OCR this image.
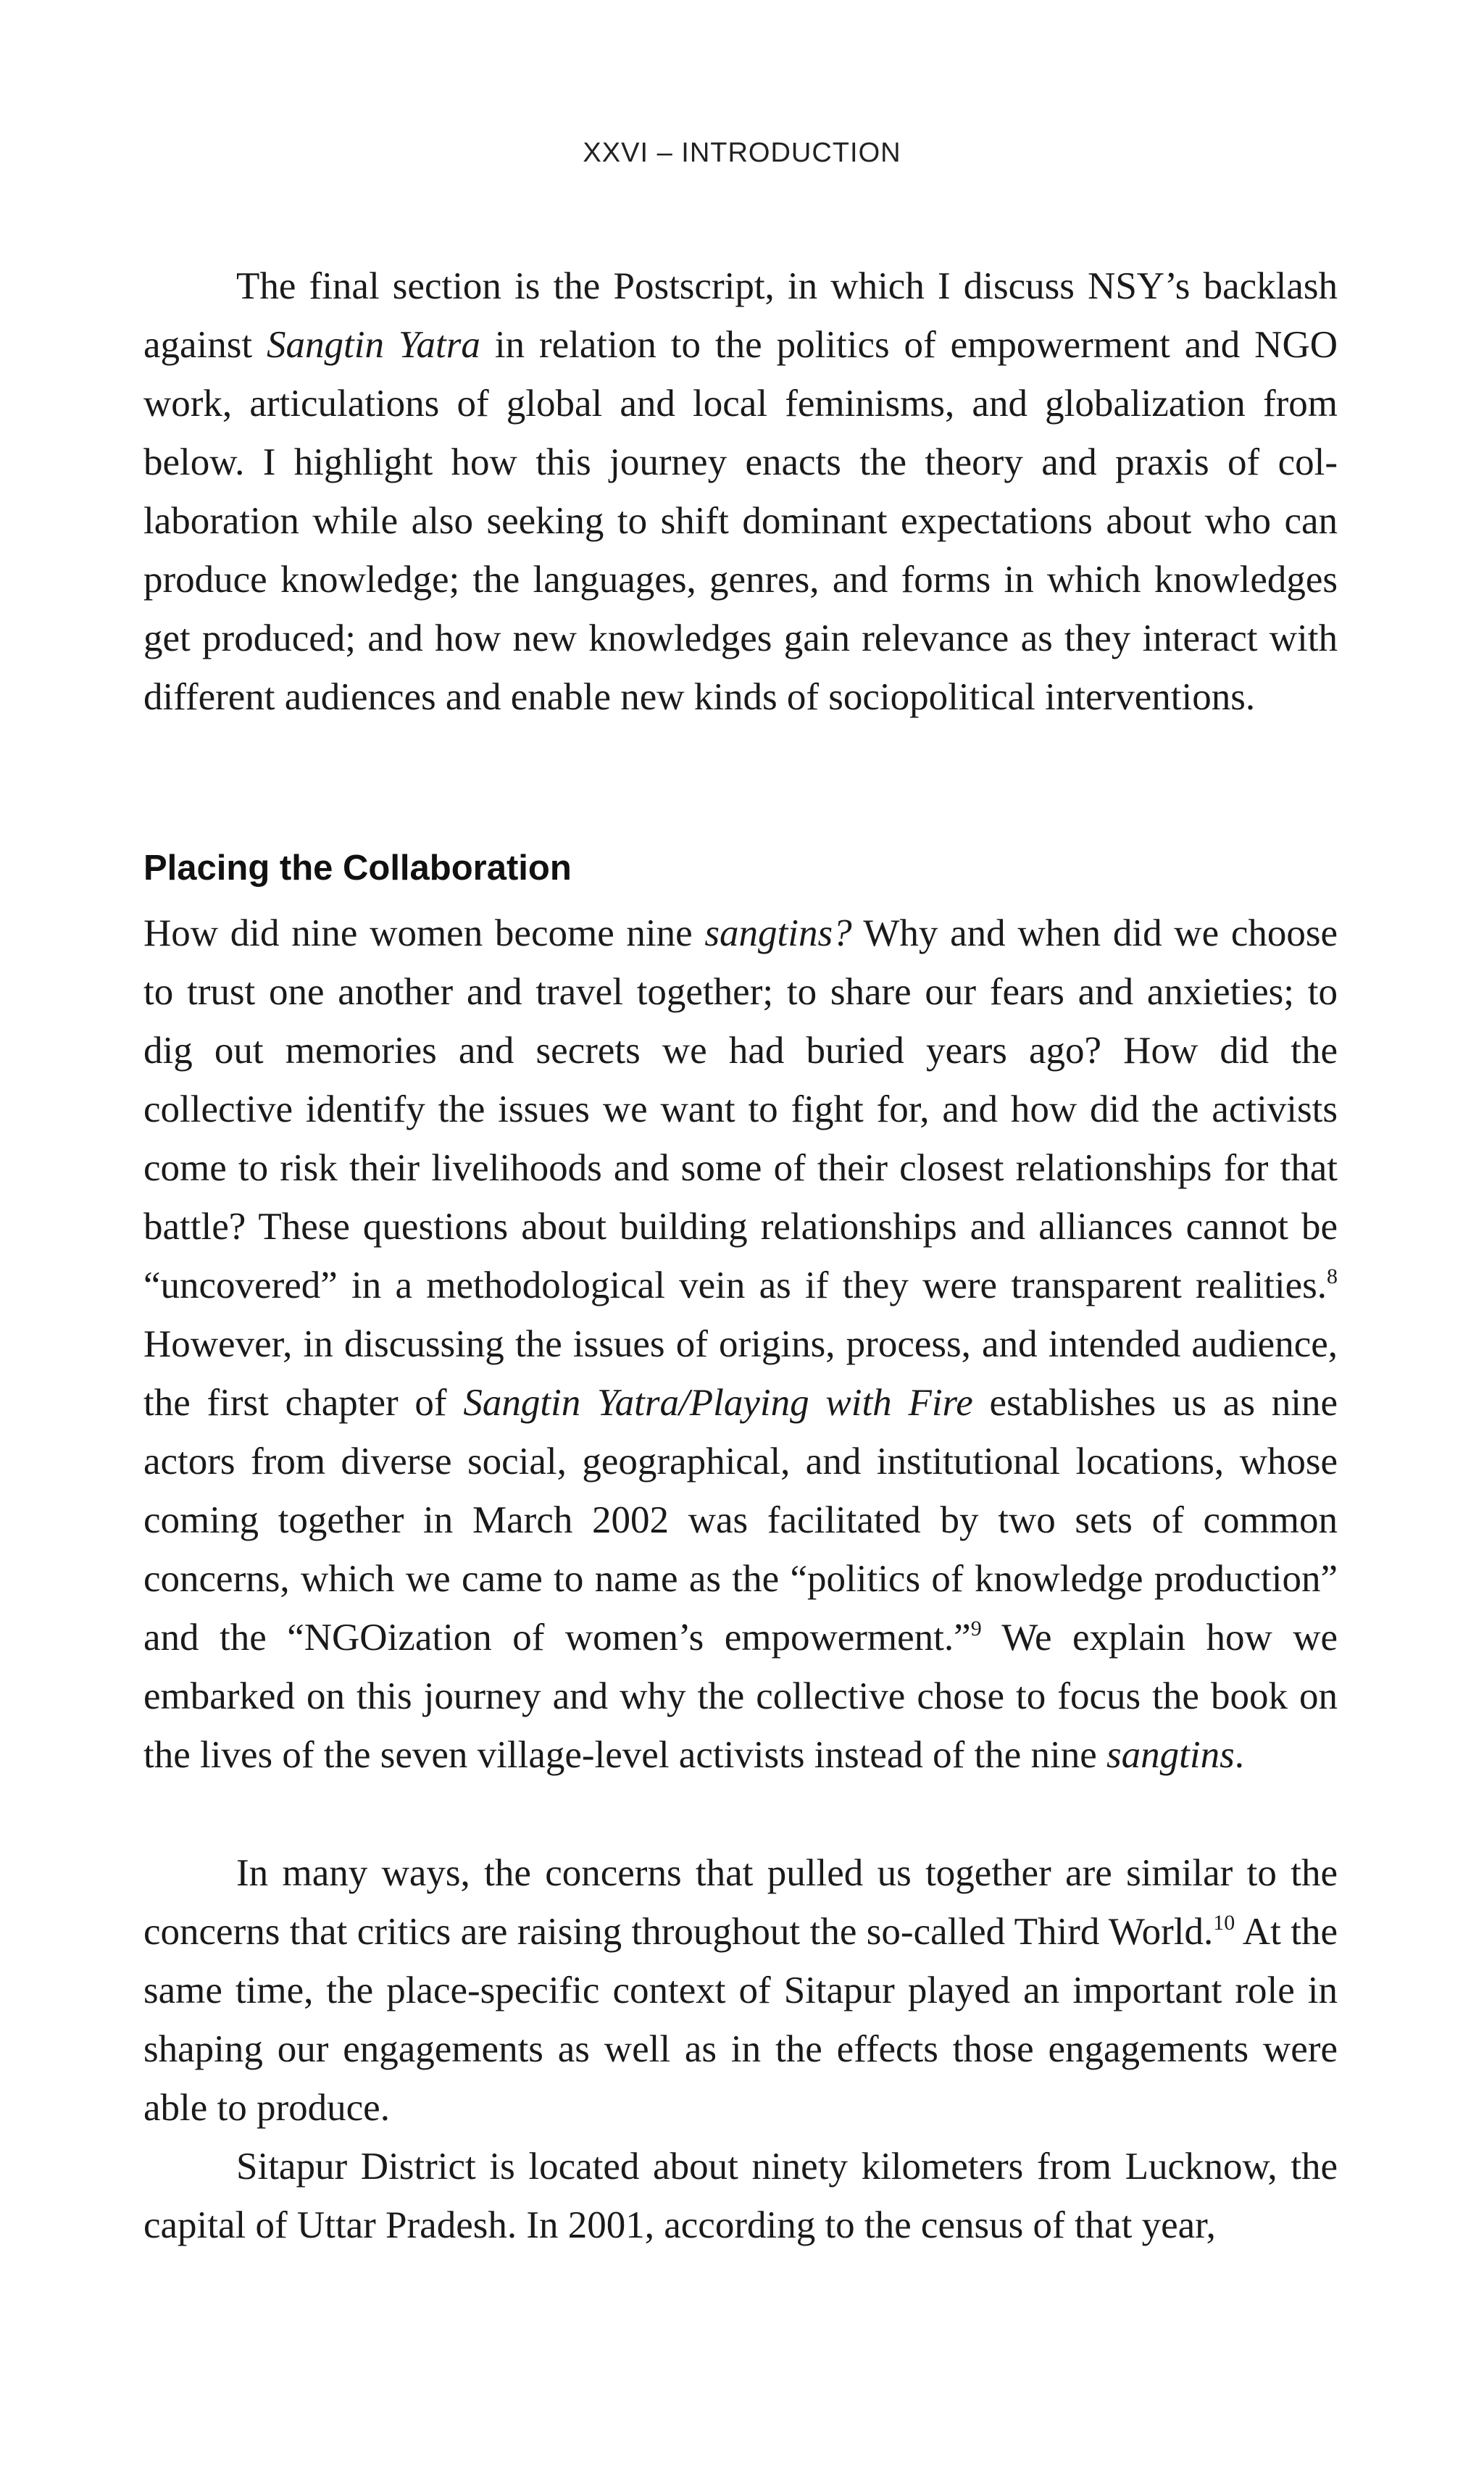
XXVI – INTRODUCTION

The final section is the Postscript, in which I discuss NSY’s backlash against Sangtin Yatra in relation to the politics of empowerment and NGO work, articulations of global and local feminisms, and globalization from below. I highlight how this journey enacts the theory and praxis of collaboration while also seeking to shift dominant expectations about who can produce knowledge; the languages, genres, and forms in which knowledges get produced; and how new knowledges gain relevance as they interact with different audiences and enable new kinds of sociopolitical interventions.

Placing the Collaboration

How did nine women become nine sangtins? Why and when did we choose to trust one another and travel together; to share our fears and anxieties; to dig out memories and secrets we had buried years ago? How did the collective identify the issues we want to fight for, and how did the activists come to risk their livelihoods and some of their closest relationships for that battle? These questions about building relationships and alliances cannot be “uncovered” in a methodological vein as if they were transparent realities.$^8$ However, in discussing the issues of origins, process, and intended audience, the first chapter of Sangtin Yatra/Playing with Fire establishes us as nine actors from diverse social, geographical, and institutional locations, whose coming together in March 2002 was facilitated by two sets of common concerns, which we came to name as the “politics of knowledge production” and the “NGOization of women’s empowerment.”$^9$ We explain how we embarked on this journey and why the collective chose to focus the book on the lives of the seven village-level activists instead of the nine sangtins.

In many ways, the concerns that pulled us together are similar to the concerns that critics are raising throughout the so-called Third World.$^{10}$ At the same time, the place-specific context of Sitapur played an important role in shaping our engagements as well as in the effects those engagements were able to produce.

Sitapur District is located about ninety kilometers from Lucknow, the capital of Uttar Pradesh. In 2001, according to the census of that year,
